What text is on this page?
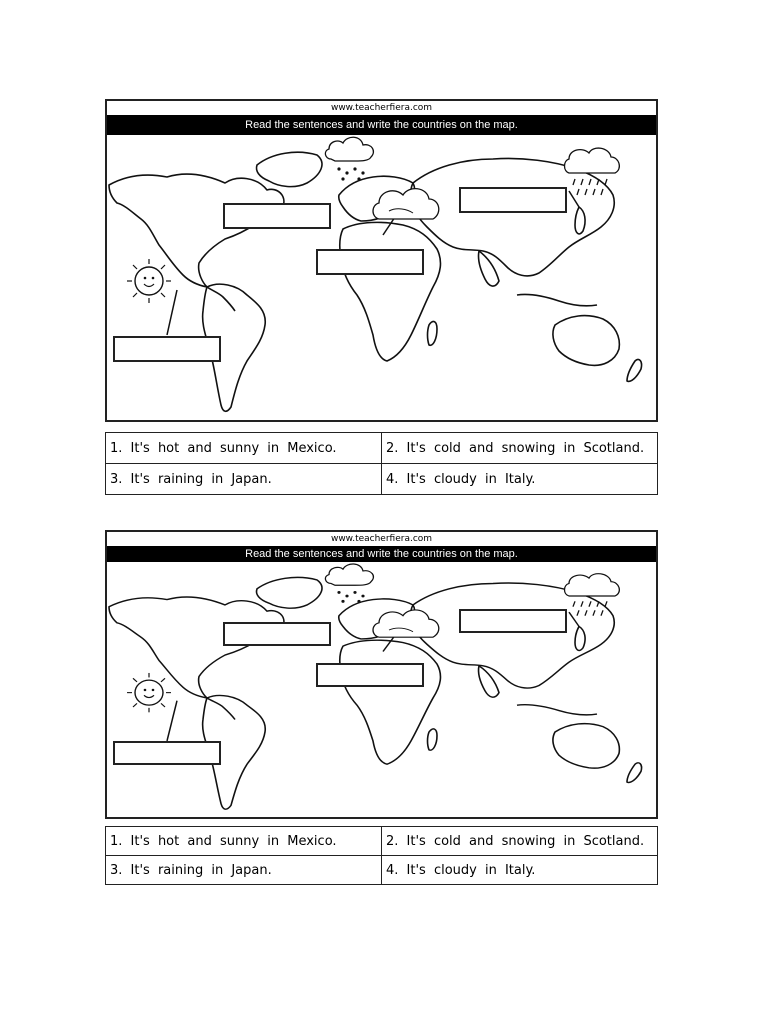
www.teacherfiera.com
Read the sentences and write the countries on the map.
1. It's hot and sunny in Mexico.	2. It's cold and snowing in Scotland.
3. It's raining in Japan.	4. It's cloudy in Italy.
www.teacherfiera.com
Read the sentences and write the countries on the map.
1. It's hot and sunny in Mexico.	2. It's cold and snowing in Scotland.
3. It's raining in Japan.	4. It's cloudy in Italy.
